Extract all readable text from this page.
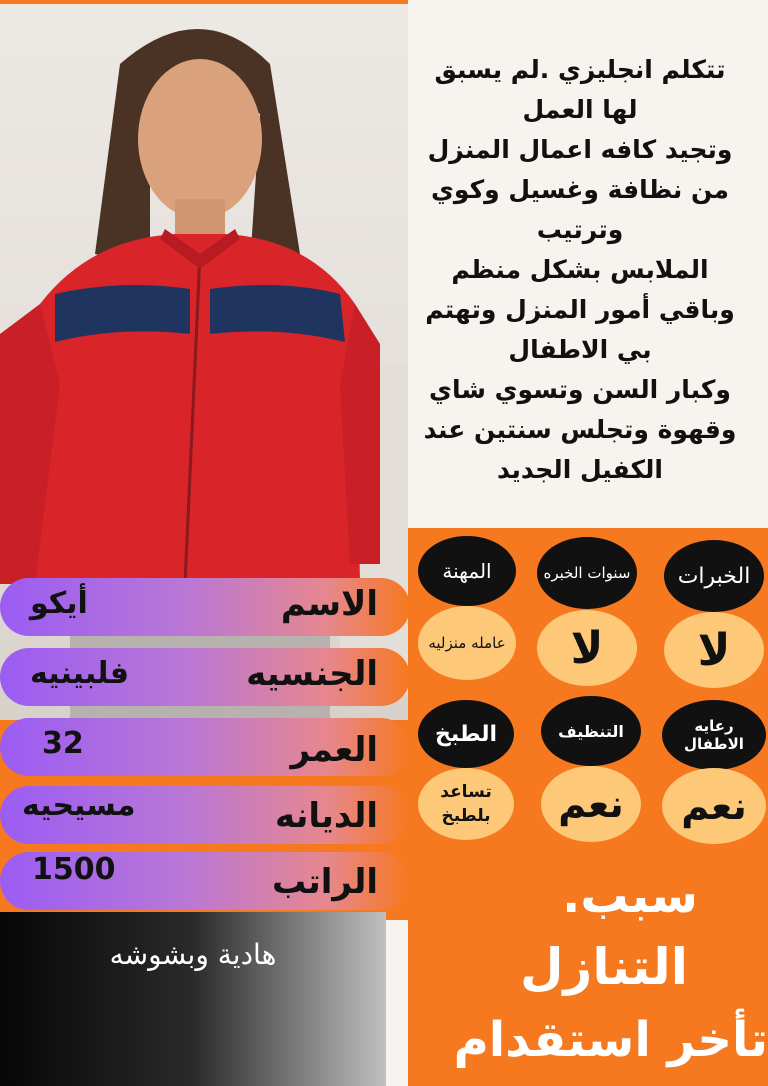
تتكلم انجليزي .لم يسبق
لها العمل
وتجيد كافه اعمال المنزل
من نظافة وغسيل وكوي
وترتيب
الملابس بشكل منظم
وباقي أمور المنزل وتهتم
بي الاطفال
وكبار السن وتسوي شاي
وقهوة وتجلس سنتين عند
الكفيل الجديد
الاسم
أيكو
الجنسيه
فلبينيه
العمر
32
الديانه
مسيحيه
الراتب
1500
الخبرات
سنوات الخبره
المهنة
لا
لا
عامله منزليه
رعايه الاطفال
التنظيف
الطبخ
نعم
نعم
تساعد بلطبخ
هادية وبشوشه
سبب.
التنازل
تأخر استقدام
